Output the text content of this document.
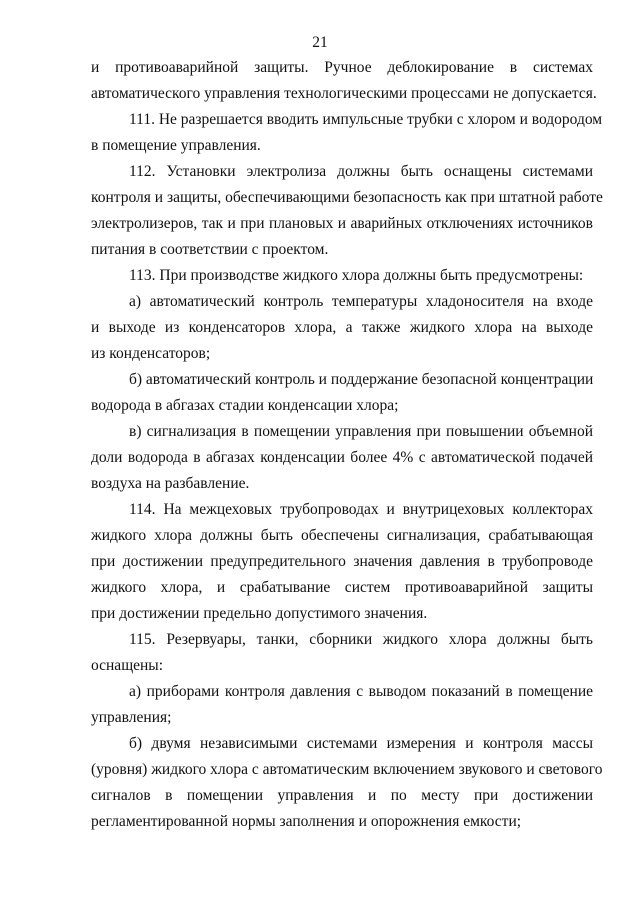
21
и противоаварийной защиты. Ручное деблокирование в системах
автоматического управления технологическими процессами не допускается.
111. Не разрешается вводить импульсные трубки с хлором и водородом
в помещение управления.
112. Установки электролиза должны быть оснащены системами
контроля и защиты, обеспечивающими безопасность как при штатной работе
электролизеров, так и при плановых и аварийных отключениях источников
питания в соответствии с проектом.
113. При производстве жидкого хлора должны быть предусмотрены:
а) автоматический контроль температуры хладоносителя на входе
и выходе из конденсаторов хлора, а также жидкого хлора на выходе
из конденсаторов;
б) автоматический контроль и поддержание безопасной концентрации
водорода в абгазах стадии конденсации хлора;
в) сигнализация в помещении управления при повышении объемной
доли водорода в абгазах конденсации более 4% с автоматической подачей
воздуха на разбавление.
114. На межцеховых трубопроводах и внутрицеховых коллекторах
жидкого хлора должны быть обеспечены сигнализация, срабатывающая
при достижении предупредительного значения давления в трубопроводе
жидкого хлора, и срабатывание систем противоаварийной защиты
при достижении предельно допустимого значения.
115. Резервуары, танки, сборники жидкого хлора должны быть
оснащены:
а) приборами контроля давления с выводом показаний в помещение
управления;
б) двумя независимыми системами измерения и контроля массы
(уровня) жидкого хлора с автоматическим включением звукового и светового
сигналов в помещении управления и по месту при достижении
регламентированной нормы заполнения и опорожнения емкости;
